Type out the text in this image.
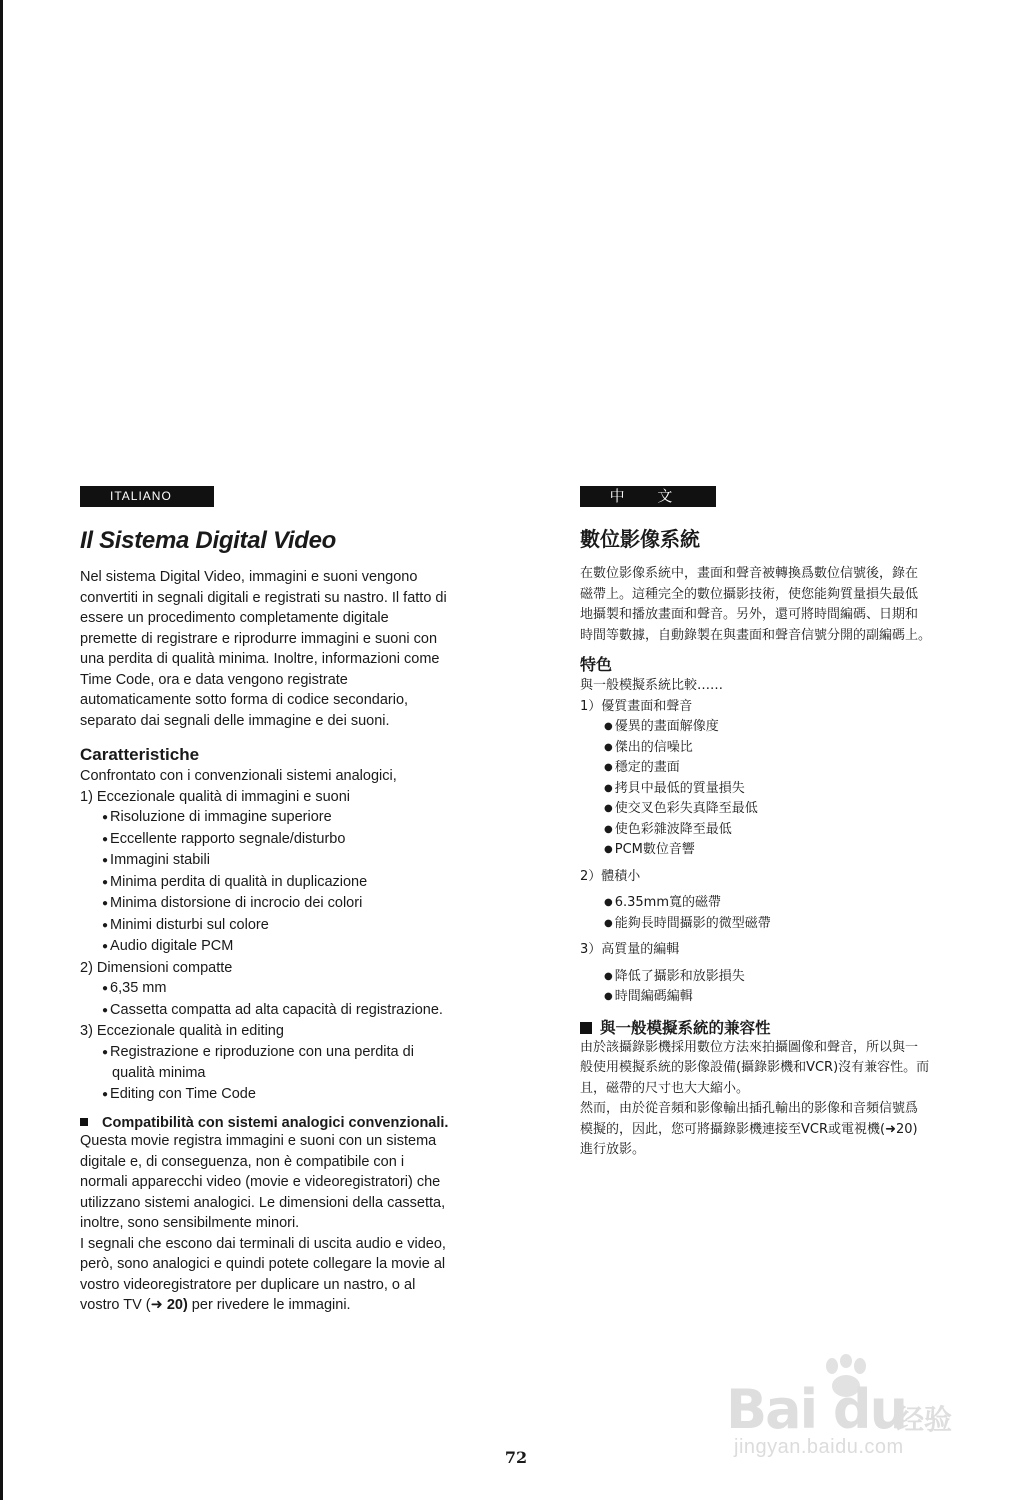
ITALIANO
Il Sistema Digital Video

Nel sistema Digital Video, immagini e suoni vengono

convertiti in segnali digitali e registrati su nastro. Il fatto di

essere un procedimento completamente digitale

premette di registrare e riprodurre immagini e suoni con

una perdita di qualità minima. Inoltre, informazioni come

Time Code, ora e data vengono registrate

automaticamente sotto forma di codice secondario,

separato dai segnali delle immagine e dei suoni.

Caratteristiche

Confrontato con i convenzionali sistemi analogici,

1) Eccezionale qualità di immagini e suoni

● Risoluzione di immagine superiore

● Eccellente rapporto segnale/disturbo

● Immagini stabili

● Minima perdita di qualità in duplicazione

● Minima distorsione di incrocio dei colori

● Minimi disturbi sul colore

● Audio digitale PCM

2) Dimensioni compatte

● 6,35 mm

● Cassetta compatta ad alta capacità di registrazione.

3) Eccezionale qualità in editing

● Registrazione e riproduzione con una perdita di

qualità minima

● Editing con Time Code

Compatibilità con sistemi analogici convenzionali.

Questa movie registra immagini e suoni con un sistema

digitale e, di conseguenza, non è compatibile con i

normali apparecchi video (movie e videoregistratori) che

utilizzano sistemi analogici. Le dimensioni della cassetta,

inoltre, sono sensibilmente minori.

I segnali che escono dai terminali di uscita audio e video,

però, sono analogici e quindi potete collegare la movie al

vostro videoregistratore per duplicare un nastro, o al

vostro TV (➜ 20) per rivedere le immagini.

中 文
數位影像系統

在數位影像系統中，畫面和聲音被轉換爲數位信號後，錄在

磁帶上。這種完全的數位攝影技術，使您能夠質量損失最低

地攝製和播放畫面和聲音。另外，還可將時間編碼、日期和

時間等數據，自動錄製在與畫面和聲音信號分開的副編碼上。

特色

與一般模擬系統比較……

1）優質畫面和聲音

● 優異的畫面解像度

● 傑出的信噪比

● 穩定的畫面

● 拷貝中最低的質量損失

● 使交叉色彩失真降至最低

● 使色彩雜波降至最低

● PCM數位音響

2）體積小

● 6.35mm寬的磁帶

● 能夠長時間攝影的微型磁帶

3）高質量的編輯

● 降低了攝影和放影損失

● 時間編碼編輯

與一般模擬系統的兼容性

由於該攝錄影機採用數位方法來拍攝圖像和聲音，所以與一

般使用模擬系統的影像設備(攝錄影機和VCR)沒有兼容性。而

且，磁帶的尺寸也大大縮小。

然而，由於從音頻和影像輸出插孔輸出的影像和音頻信號爲

模擬的，因此，您可將攝錄影機連接至VCR或電視機(➜20)

進行放影。

Bai du
经验
jingyan.baidu.com
72
